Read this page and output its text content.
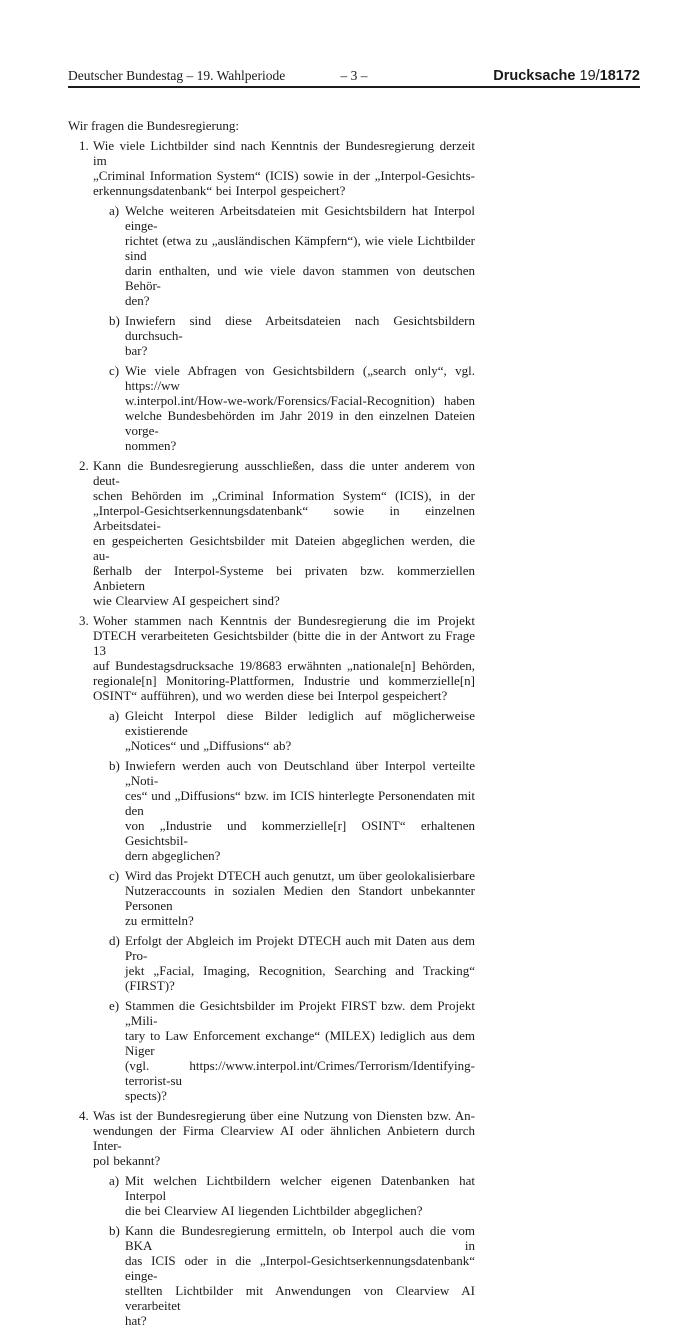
Deutscher Bundestag – 19. Wahlperiode	– 3 –	Drucksache 19/18172

Wir fragen die Bundesregierung:

1. Wie viele Lichtbilder sind nach Kenntnis der Bundesregierung derzeit im
„Criminal Information System“ (ICIS) sowie in der „Interpol-Gesichts-
erkennungsdatenbank“ bei Interpol gespeichert?
a) Welche weiteren Arbeitsdateien mit Gesichtsbildern hat Interpol einge-
richtet (etwa zu „ausländischen Kämpfern“), wie viele Lichtbilder sind
darin enthalten, und wie viele davon stammen von deutschen Behör-
den?
b) Inwiefern sind diese Arbeitsdateien nach Gesichtsbildern durchsuch-
bar?
c) Wie viele Abfragen von Gesichtsbildern („search only“, vgl. https://ww
w.interpol.int/How-we-work/Forensics/Facial-Recognition) haben
welche Bundesbehörden im Jahr 2019 in den einzelnen Dateien vorge-
nommen?
2. Kann die Bundesregierung ausschließen, dass die unter anderem von deut-
schen Behörden im „Criminal Information System“ (ICIS), in der
„Interpol-Gesichtserkennungsdatenbank“ sowie in einzelnen Arbeitsdatei-
en gespeicherten Gesichtsbilder mit Dateien abgeglichen werden, die au-
ßerhalb der Interpol-Systeme bei privaten bzw. kommerziellen Anbietern
wie Clearview AI gespeichert sind?
3. Woher stammen nach Kenntnis der Bundesregierung die im Projekt
DTECH verarbeiteten Gesichtsbilder (bitte die in der Antwort zu Frage 13
auf Bundestagsdrucksache 19/8683 erwähnten „nationale[n] Behörden,
regionale[n] Monitoring-Plattformen, Industrie und kommerzielle[n]
OSINT“ aufführen), und wo werden diese bei Interpol gespeichert?
a) Gleicht Interpol diese Bilder lediglich auf möglicherweise existierende
„Notices“ und „Diffusions“ ab?
b) Inwiefern werden auch von Deutschland über Interpol verteilte „Noti-
ces“ und „Diffusions“ bzw. im ICIS hinterlegte Personendaten mit den
von „Industrie und kommerzielle[r] OSINT“ erhaltenen Gesichtsbil-
dern abgeglichen?
c) Wird das Projekt DTECH auch genutzt, um über geolokalisierbare
Nutzeraccounts in sozialen Medien den Standort unbekannter Personen
zu ermitteln?
d) Erfolgt der Abgleich im Projekt DTECH auch mit Daten aus dem Pro-
jekt „Facial, Imaging, Recognition, Searching and Tracking“ (FIRST)?
e) Stammen die Gesichtsbilder im Projekt FIRST bzw. dem Projekt „Mili-
tary to Law Enforcement exchange“ (MILEX) lediglich aus dem Niger
(vgl. https://www.interpol.int/Crimes/Terrorism/Identifying-terrorist-su
spects)?
4. Was ist der Bundesregierung über eine Nutzung von Diensten bzw. An-
wendungen der Firma Clearview AI oder ähnlichen Anbietern durch Inter-
pol bekannt?
a) Mit welchen Lichtbildern welcher eigenen Datenbanken hat Interpol
die bei Clearview AI liegenden Lichtbilder abgeglichen?
b) Kann die Bundesregierung ermitteln, ob Interpol auch die vom BKA in
das ICIS oder in die „Interpol-Gesichtserkennungsdatenbank“ einge-
stellten Lichtbilder mit Anwendungen von Clearview AI verarbeitet
hat?
